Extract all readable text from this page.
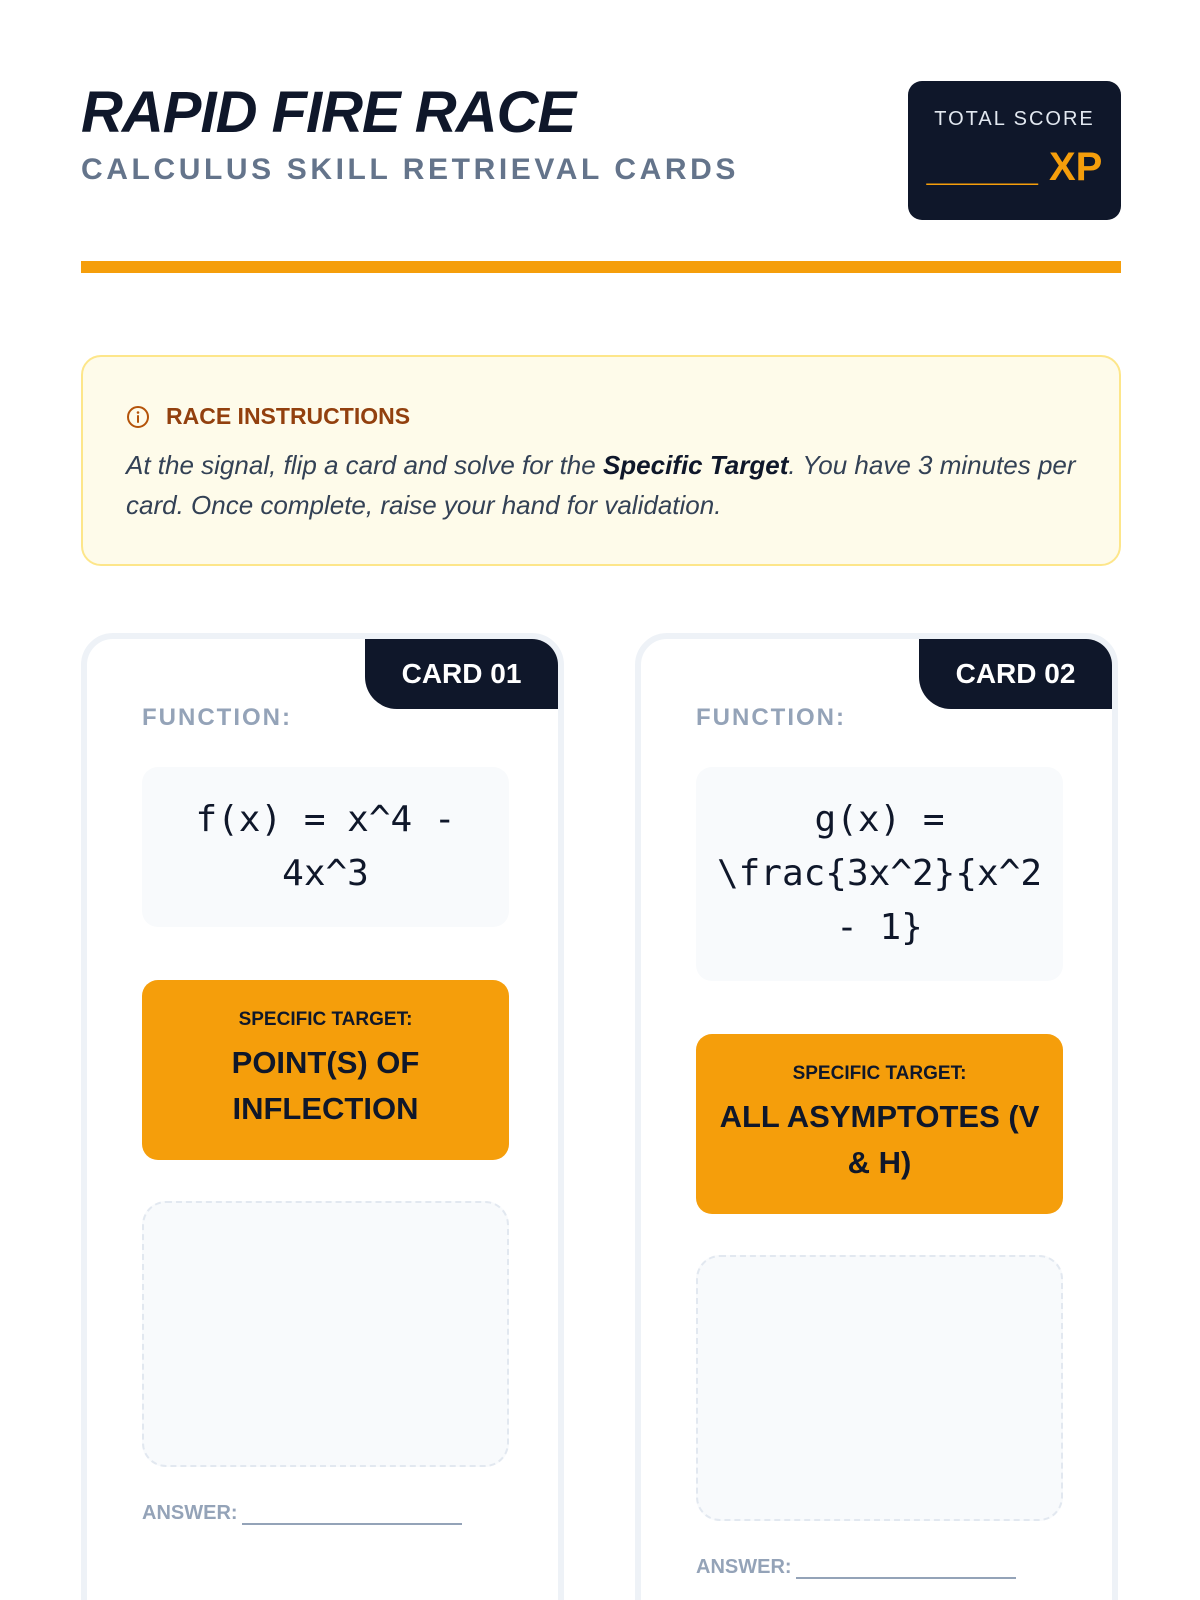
RAPID FIRE RACE
CALCULUS SKILL RETRIEVAL CARDS
TOTAL SCORE
_____ XP
RACE INSTRUCTIONS
At the signal, flip a card and solve for the Specific Target. You have 3 minutes per card. Once complete, raise your hand for validation.
CARD 01
FUNCTION:
f(x) = x^4 - 4x^3
SPECIFIC TARGET:
POINT(S) OF INFLECTION
ANSWER:
CARD 02
FUNCTION:
g(x) = \frac{3x^2}{x^2 - 1}
SPECIFIC TARGET:
ALL ASYMPTOTES (V & H)
ANSWER:
